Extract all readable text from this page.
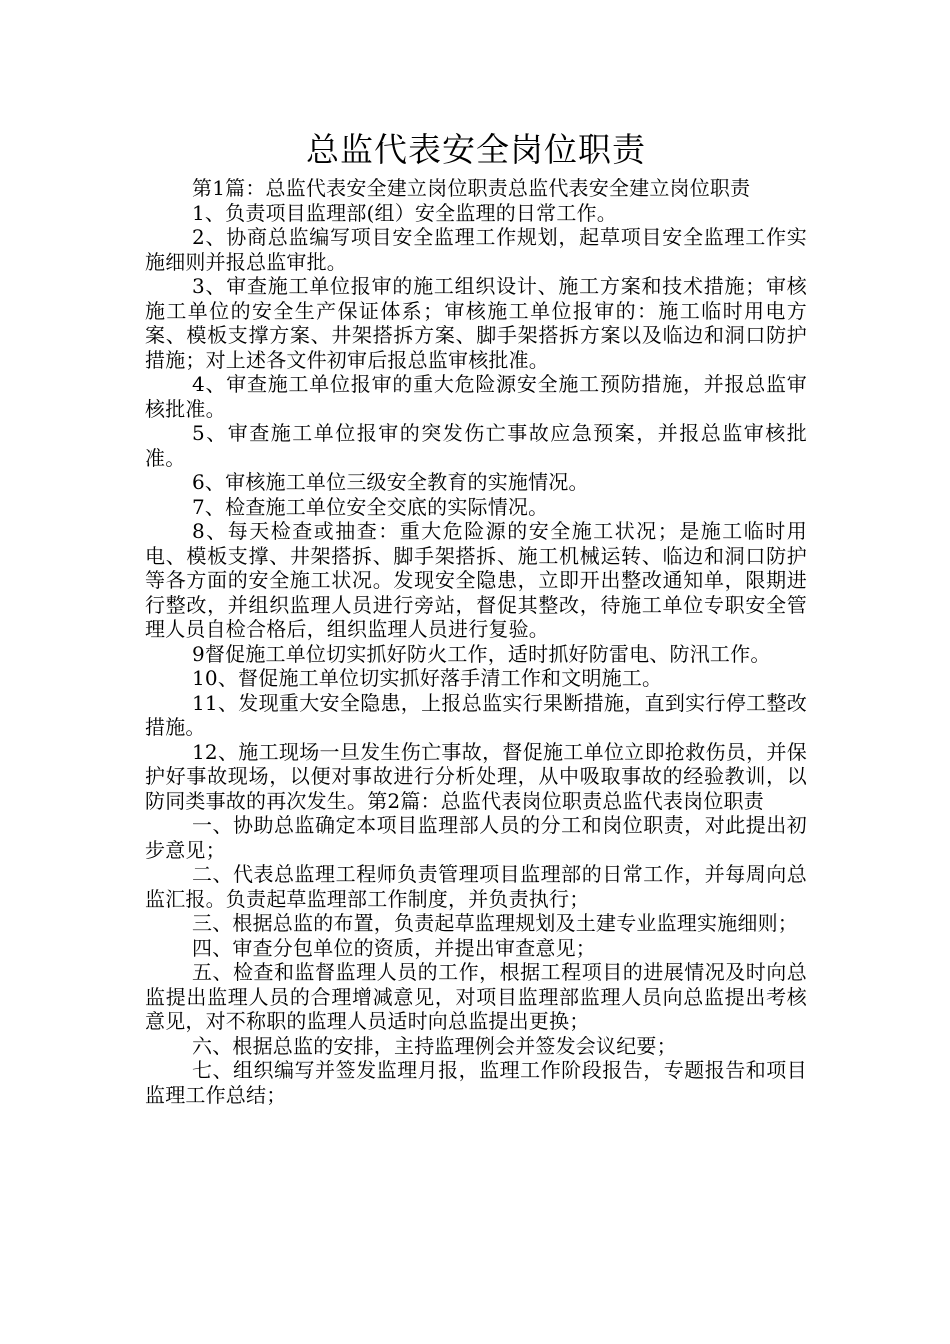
总监代表安全岗位职责

第1篇：总监代表安全建立岗位职责总监代表安全建立岗位职责

1、负责项目监理部(组）安全监理的日常工作。

2、协商总监编写项目安全监理工作规划，起草项目安全监理工作实施细则并报总监审批。

3、审查施工单位报审的施工组织设计、施工方案和技术措施；审核施工单位的安全生产保证体系；审核施工单位报审的：施工临时用电方案、模板支撑方案、井架搭拆方案、脚手架搭拆方案以及临边和洞口防护措施；对上述各文件初审后报总监审核批准。

4、审查施工单位报审的重大危险源安全施工预防措施，并报总监审核批准。

5、审查施工单位报审的突发伤亡事故应急预案，并报总监审核批准。

6、审核施工单位三级安全教育的实施情况。

7、检查施工单位安全交底的实际情况。

8、每天检查或抽查：重大危险源的安全施工状况；是施工临时用电、模板支撑、井架搭拆、脚手架搭拆、施工机械运转、临边和洞口防护等各方面的安全施工状况。发现安全隐患，立即开出整改通知单，限期进行整改，并组织监理人员进行旁站，督促其整改，待施工单位专职安全管理人员自检合格后，组织监理人员进行复验。

9督促施工单位切实抓好防火工作，适时抓好防雷电、防汛工作。

10、督促施工单位切实抓好落手清工作和文明施工。

11、发现重大安全隐患，上报总监实行果断措施，直到实行停工整改措施。

12、施工现场一旦发生伤亡事故，督促施工单位立即抢救伤员，并保护好事故现场，以便对事故进行分析处理，从中吸取事故的经验教训，以防同类事故的再次发生。第2篇：总监代表岗位职责总监代表岗位职责

一、协助总监确定本项目监理部人员的分工和岗位职责，对此提出初步意见；

二、代表总监理工程师负责管理项目监理部的日常工作，并每周向总监汇报。负责起草监理部工作制度，并负责执行；

三、根据总监的布置，负责起草监理规划及土建专业监理实施细则；

四、审查分包单位的资质，并提出审查意见；

五、检查和监督监理人员的工作，根据工程项目的进展情况及时向总监提出监理人员的合理增减意见，对项目监理部监理人员向总监提出考核意见，对不称职的监理人员适时向总监提出更换；

六、根据总监的安排，主持监理例会并签发会议纪要；

七、组织编写并签发监理月报，监理工作阶段报告，专题报告和项目监理工作总结；
